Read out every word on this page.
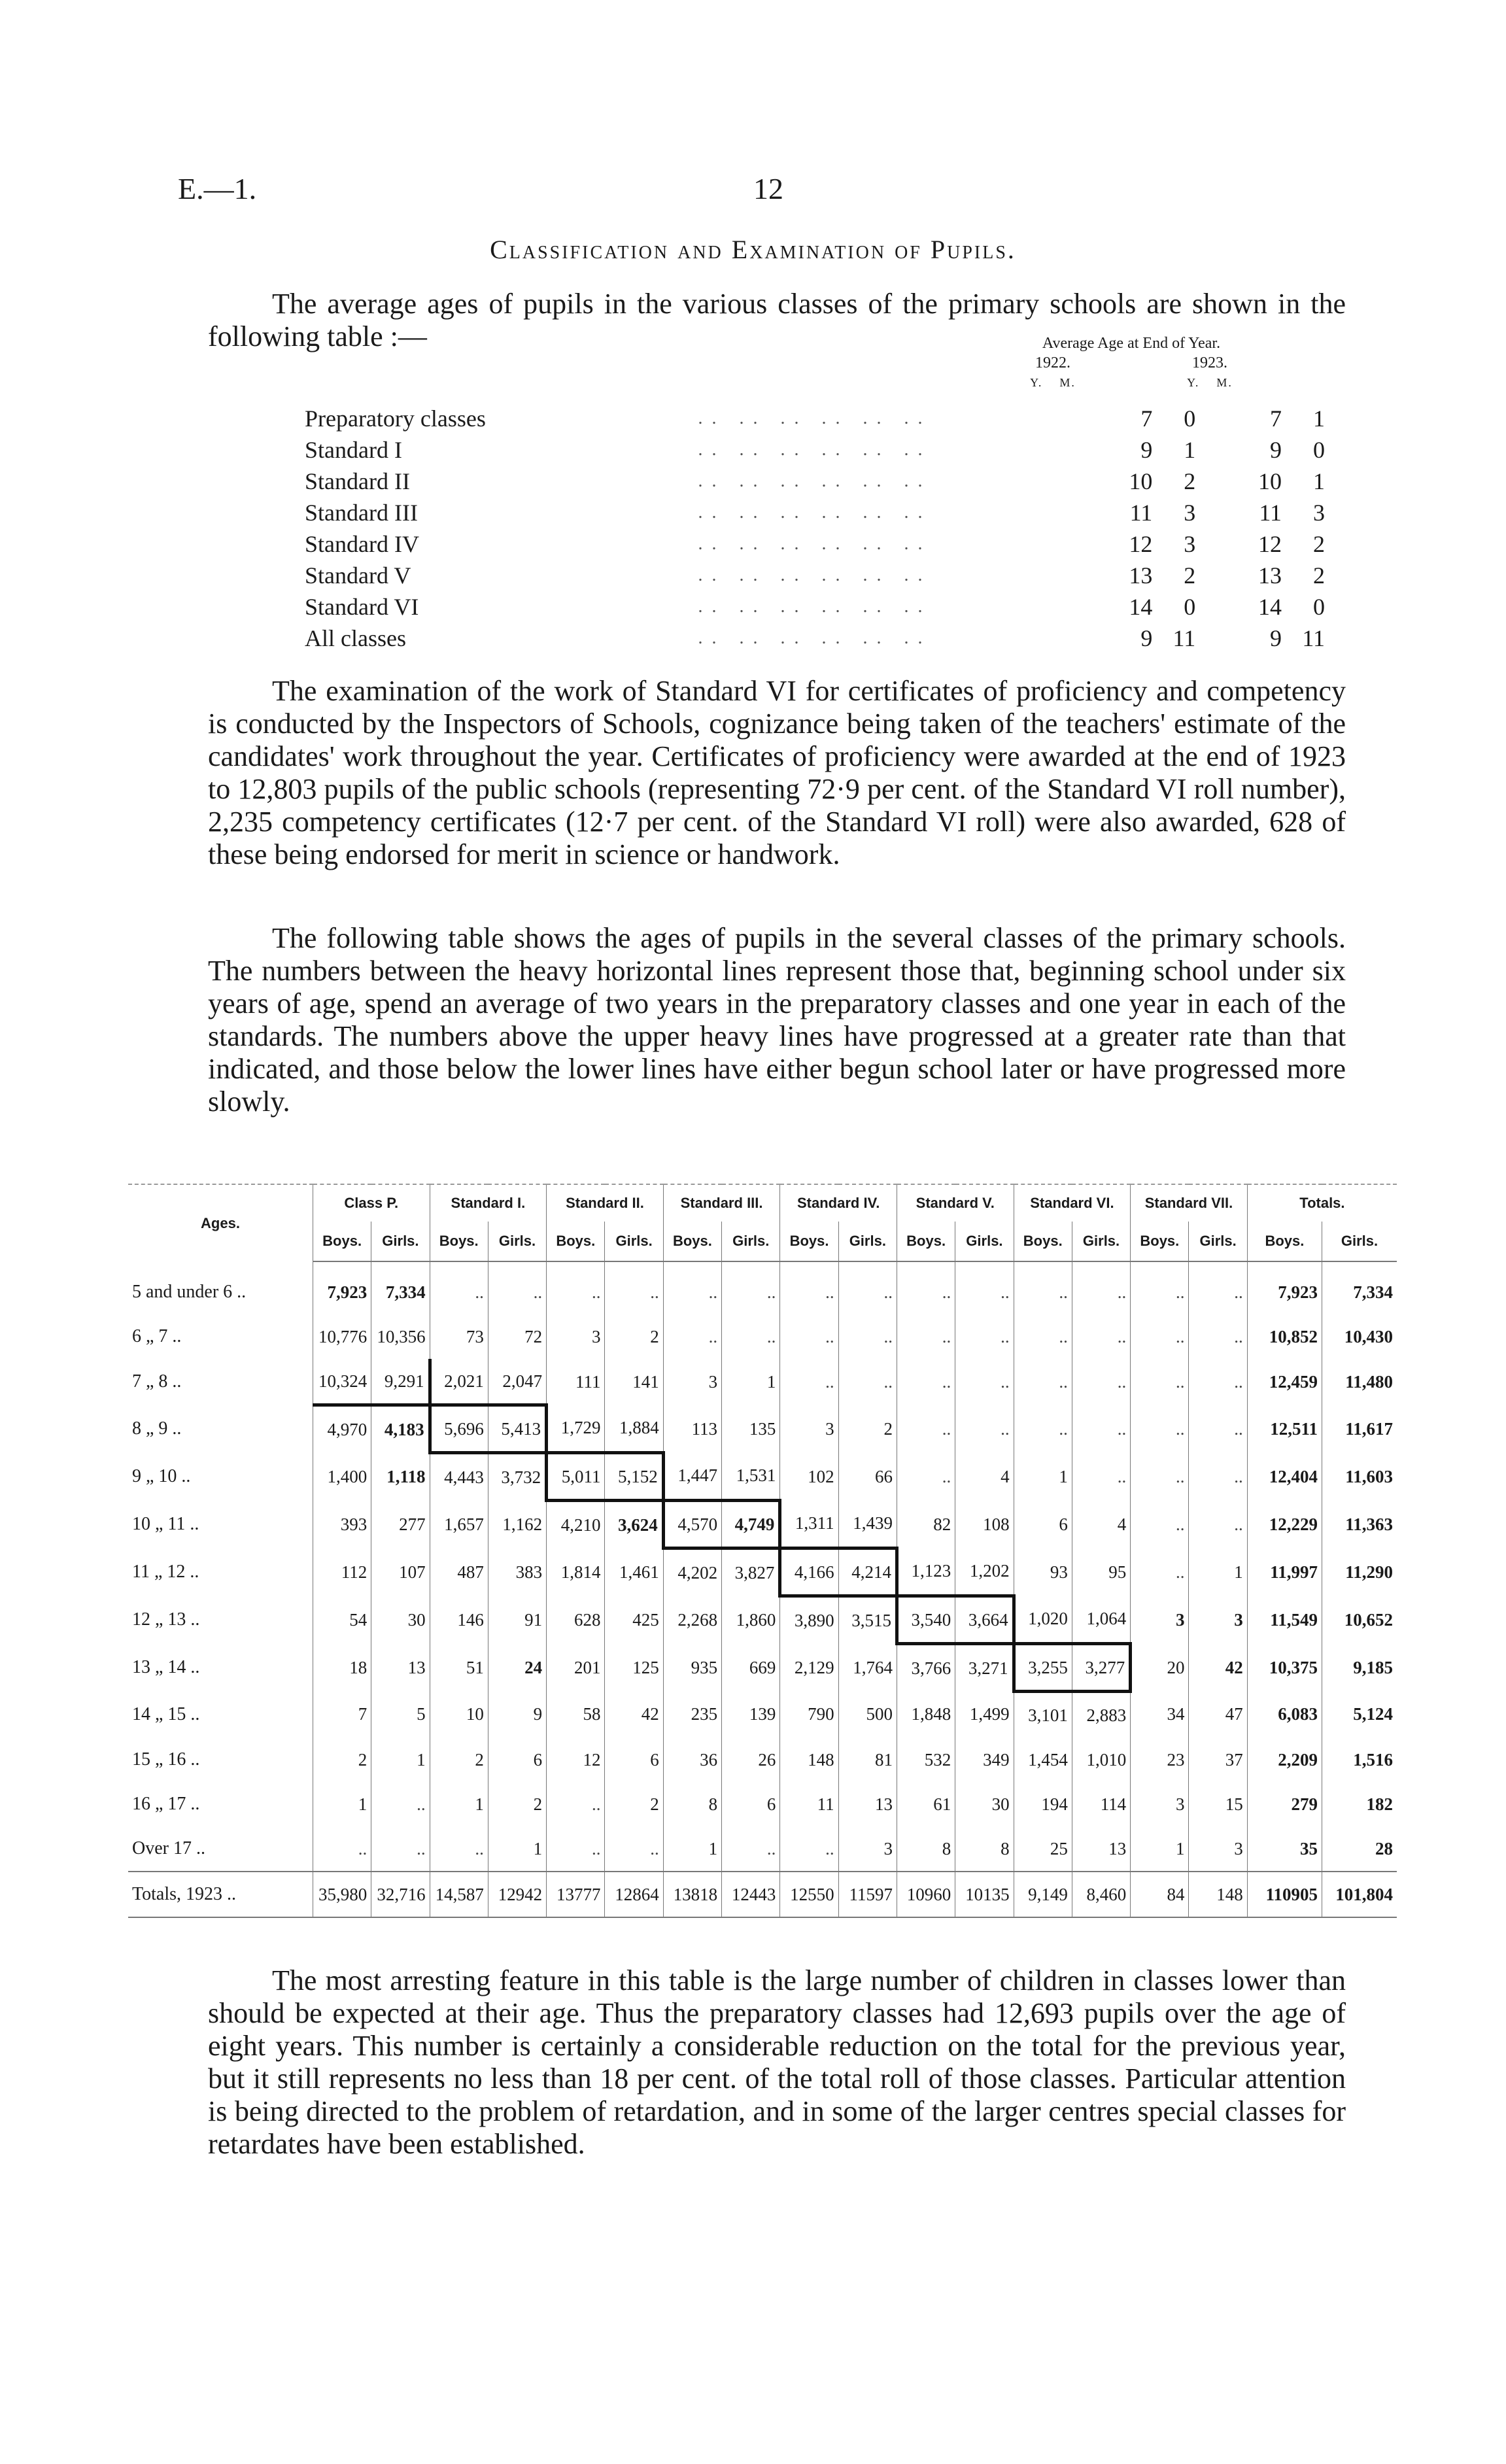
E.—1.	12
Classification and Examination of Pupils.

The average ages of pupils in the various classes of the primary schools are shown in the following table :—	Average Age at End of Year.
1922.	1923.
Y. M.	Y. M.
Preparatory classes	.. .. .. .. .. ..	7	0		7	1
Standard I	.. .. .. .. .. ..	9	1		9	0
Standard II	.. .. .. .. .. ..	10	2		10	1
Standard III	.. .. .. .. .. ..	11	3		11	3
Standard IV	.. .. .. .. .. ..	12	3		12	2
Standard V	.. .. .. .. .. ..	13	2		13	2
Standard VI	.. .. .. .. .. ..	14	0		14	0
All classes	.. .. .. .. .. ..	9	11		9	11

The examination of the work of Standard VI for certificates of proficiency and competency is conducted by the Inspectors of Schools, cognizance being taken of the teachers' estimate of the candidates' work throughout the year. Certificates of proficiency were awarded at the end of 1923 to 12,803 pupils of the public schools (representing 72·9 per cent. of the Standard VI roll number), 2,235 competency certificates (12·7 per cent. of the Standard VI roll) were also awarded, 628 of these being endorsed for merit in science or handwork.

The following table shows the ages of pupils in the several classes of the primary schools. The numbers between the heavy horizontal lines represent those that, beginning school under six years of age, spend an average of two years in the preparatory classes and one year in each of the standards. The numbers above the upper heavy lines have progressed at a greater rate than that indicated, and those below the lower lines have either begun school later or have progressed more slowly.

Ages.	Class P.		Standard I.		Standard II.		Standard III.		Standard IV.		Standard V.		Standard VI.		Standard VII.		Totals.	
	Boys.	Girls.	Boys.	Girls.	Boys.	Girls.	Boys.	Girls.	Boys.	Girls.	Boys.	Girls.	Boys.	Girls.	Boys.	Girls.	Boys.	Girls.
5 and under 6 ..	7,923	7,334	..	..	..	..	..	..	..	..	..	..	..	..	..	..	7,923	7,334
6 „ 7 ..	10,776	10,356	73	72	3	2	..	..	..	..	..	..	..	..	..	..	10,852	10,430
7 „ 8 ..	10,324	9,291	2,021	2,047	111	141	3	1	..	..	..	..	..	..	..	..	12,459	11,480
8 „ 9 ..	4,970	4,183	5,696	5,413	1,729	1,884	113	135	3	2	..	..	..	..	..	..	12,511	11,617
9 „ 10 ..	1,400	1,118	4,443	3,732	5,011	5,152	1,447	1,531	102	66	..	4	1	..	..	..	12,404	11,603
10 „ 11 ..	393	277	1,657	1,162	4,210	3,624	4,570	4,749	1,311	1,439	82	108	6	4	..	..	12,229	11,363
11 „ 12 ..	112	107	487	383	1,814	1,461	4,202	3,827	4,166	4,214	1,123	1,202	93	95	..	1	11,997	11,290
12 „ 13 ..	54	30	146	91	628	425	2,268	1,860	3,890	3,515	3,540	3,664	1,020	1,064	3	3	11,549	10,652
13 „ 14 ..	18	13	51	24	201	125	935	669	2,129	1,764	3,766	3,271	3,255	3,277	20	42	10,375	9,185
14 „ 15 ..	7	5	10	9	58	42	235	139	790	500	1,848	1,499	3,101	2,883	34	47	6,083	5,124
15 „ 16 ..	2	1	2	6	12	6	36	26	148	81	532	349	1,454	1,010	23	37	2,209	1,516
16 „ 17 ..	1	..	1	2	..	2	8	6	11	13	61	30	194	114	3	15	279	182
Over 17 ..	..	..	..	1	..	..	1	..	..	3	8	8	25	13	1	3	35	28
Totals, 1923 ..	35,980	32,716	14,587	12942	13777	12864	13818	12443	12550	11597	10960	10135	9,149	8,460	84	148	110905	101,804

The most arresting feature in this table is the large number of children in classes lower than should be expected at their age. Thus the preparatory classes had 12,693 pupils over the age of eight years. This number is certainly a considerable reduction on the total for the previous year, but it still represents no less than 18 per cent. of the total roll of those classes. Particular attention is being directed to the problem of retardation, and in some of the larger centres special classes for retardates have been established.
